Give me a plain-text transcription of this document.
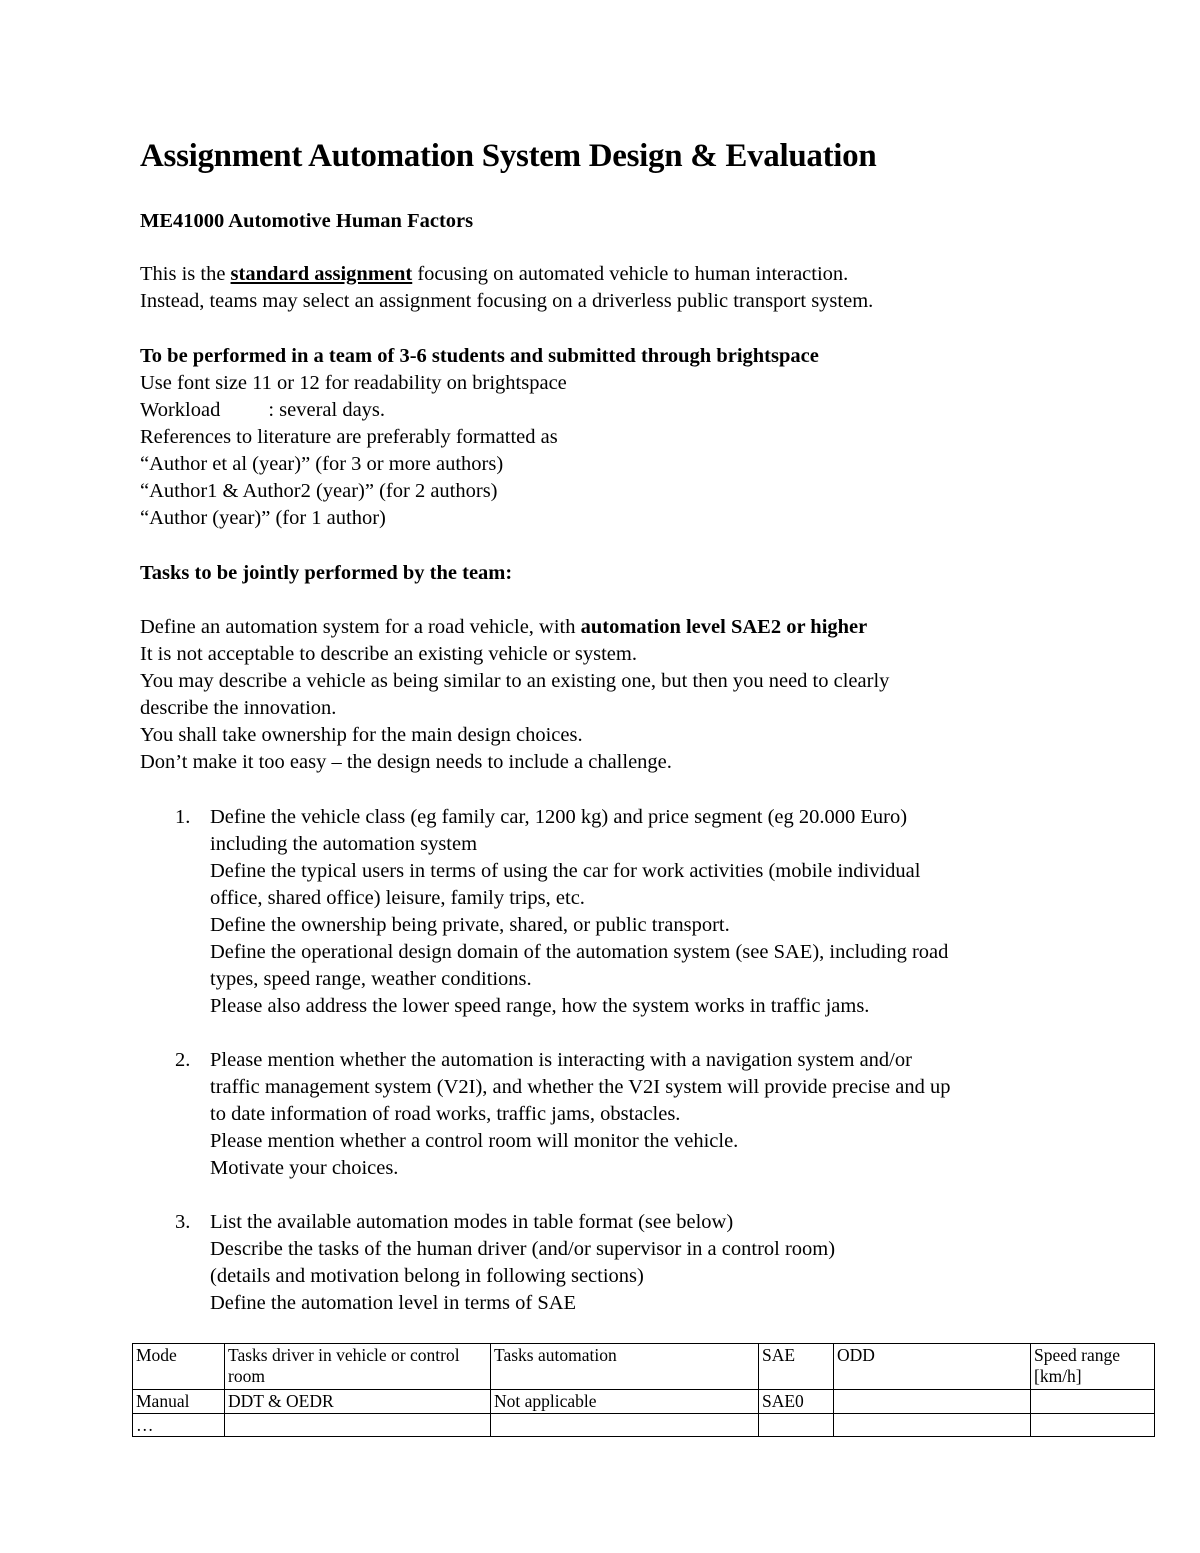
Assignment Automation System Design & Evaluation
ME41000 Automotive Human Factors
This is the standard assignment focusing on automated vehicle to human interaction.
Instead, teams may select an assignment focusing on a driverless public transport system.
To be performed in a team of 3-6 students and submitted through brightspace
Use font size 11 or 12 for readability on brightspace
Workload : several days.
References to literature are preferably formatted as
“Author et al (year)” (for 3 or more authors)
“Author1 & Author2 (year)” (for 2 authors)
“Author (year)” (for 1 author)
Tasks to be jointly performed by the team:
Define an automation system for a road vehicle, with automation level SAE2 or higher
It is not acceptable to describe an existing vehicle or system.
You may describe a vehicle as being similar to an existing one, but then you need to clearly
describe the innovation.
You shall take ownership for the main design choices.
Don’t make it too easy – the design needs to include a challenge.
1. Define the vehicle class (eg family car, 1200 kg) and price segment (eg 20.000 Euro)
including the automation system
Define the typical users in terms of using the car for work activities (mobile individual
office, shared office) leisure, family trips, etc.
Define the ownership being private, shared, or public transport.
Define the operational design domain of the automation system (see SAE), including road
types, speed range, weather conditions.
Please also address the lower speed range, how the system works in traffic jams.
2. Please mention whether the automation is interacting with a navigation system and/or
traffic management system (V2I), and whether the V2I system will provide precise and up
to date information of road works, traffic jams, obstacles.
Please mention whether a control room will monitor the vehicle.
Motivate your choices.
3. List the available automation modes in table format (see below)
Describe the tasks of the human driver (and/or supervisor in a control room)
(details and motivation belong in following sections)
Define the automation level in terms of SAE
Mode	Tasks driver in vehicle or control room	Tasks automation	SAE	ODD	Speed range [km/h]
Manual	DDT & OEDR	Not applicable	SAE0		
…					
